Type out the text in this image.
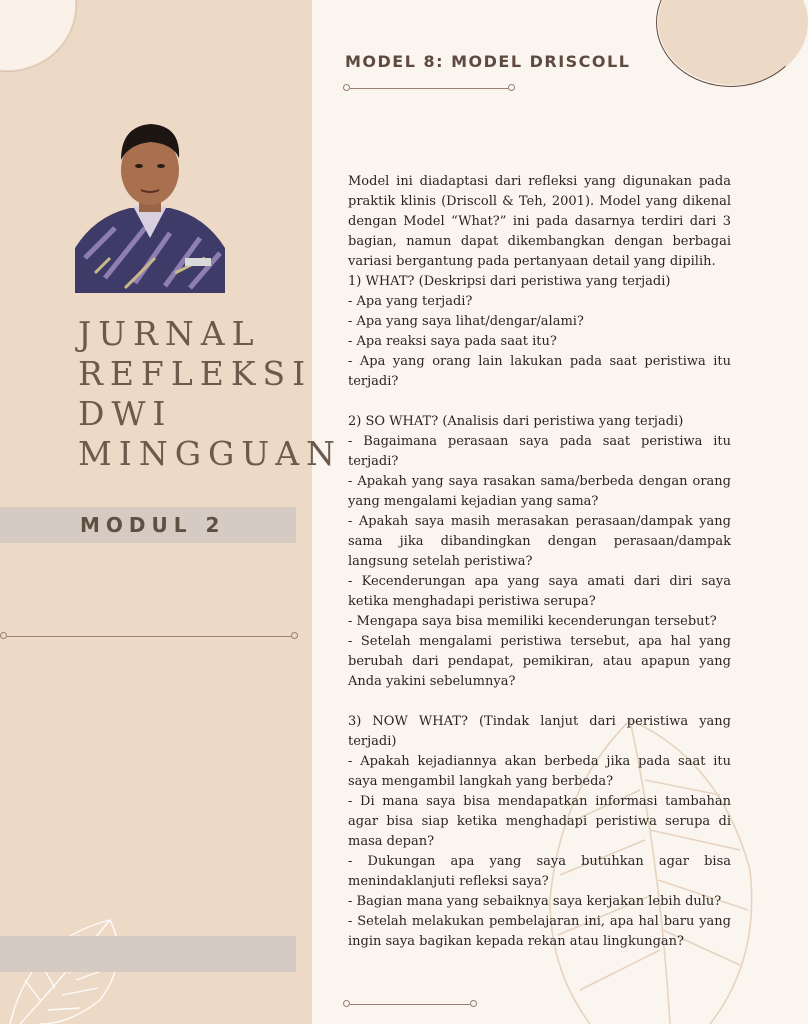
JURNAL
REFLEKSI
DWI
MINGGUAN
MODUL 2
MODEL 8: MODEL DRISCOLL

Model ini diadaptasi dari refleksi yang digunakan pada praktik klinis (Driscoll & Teh, 2001). Model yang dikenal dengan Model “What?” ini pada dasarnya terdiri dari 3 bagian, namun dapat dikembangkan dengan berbagai variasi bergantung pada pertanyaan detail yang dipilih.

1) WHAT? (Deskripsi dari peristiwa yang terjadi)

- Apa yang terjadi?

- Apa yang saya lihat/dengar/alami?

- Apa reaksi saya pada saat itu?

- Apa yang orang lain lakukan pada saat peristiwa itu terjadi?

2) SO WHAT? (Analisis dari peristiwa yang terjadi)

- Bagaimana perasaan saya pada saat peristiwa itu terjadi?

- Apakah yang saya rasakan sama/berbeda dengan orang yang mengalami kejadian yang sama?

- Apakah saya masih merasakan perasaan/dampak yang sama jika dibandingkan dengan perasaan/dampak langsung setelah peristiwa?

- Kecenderungan apa yang saya amati dari diri saya ketika menghadapi peristiwa serupa?

- Mengapa saya bisa memiliki kecenderungan tersebut?

- Setelah mengalami peristiwa tersebut, apa hal yang berubah dari pendapat, pemikiran, atau apapun yang Anda yakini sebelumnya?

3) NOW WHAT? (Tindak lanjut dari peristiwa yang terjadi)

- Apakah kejadiannya akan berbeda jika pada saat itu saya mengambil langkah yang berbeda?

- Di mana saya bisa mendapatkan informasi tambahan agar bisa siap ketika menghadapi peristiwa serupa di masa depan?

- Dukungan apa yang saya butuhkan agar bisa menindaklanjuti refleksi saya?

- Bagian mana yang sebaiknya saya kerjakan lebih dulu?

- Setelah melakukan pembelajaran ini, apa hal baru yang ingin saya bagikan kepada rekan atau lingkungan?
